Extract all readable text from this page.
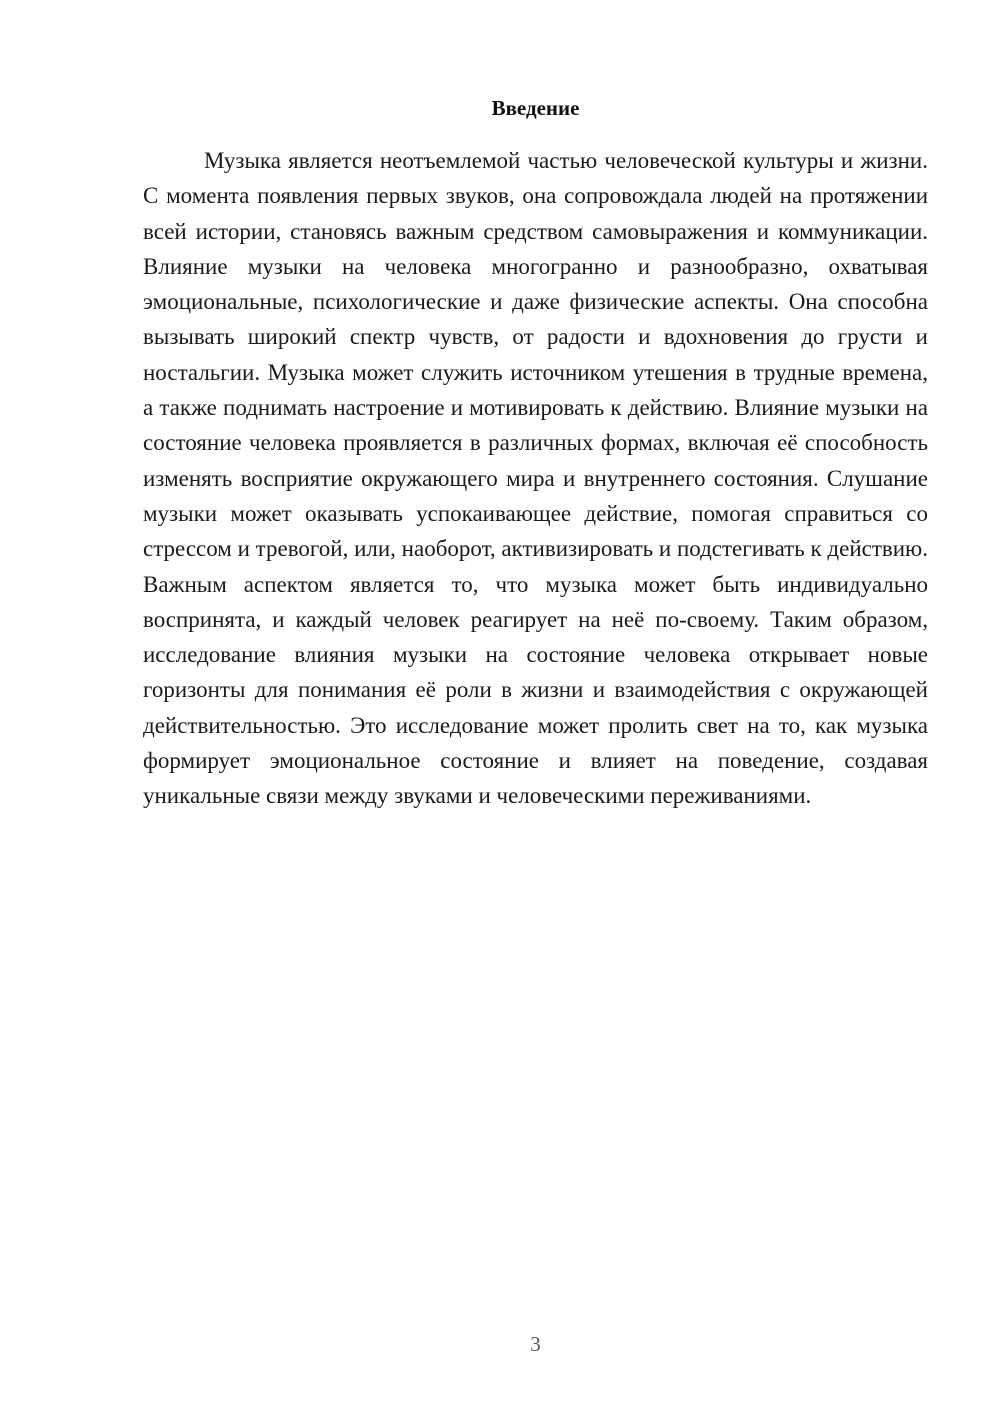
Введение

Музыка является неотъемлемой частью человеческой культуры и жизни. С момента появления первых звуков, она сопровождала людей на протяжении всей истории, становясь важным средством самовыражения и коммуникации. Влияние музыки на человека многогранно и разнообразно, охватывая эмоциональные, психологические и даже физические аспекты. Она способна вызывать широкий спектр чувств, от радости и вдохновения до грусти и ностальгии. Музыка может служить источником утешения в трудные времена, а также поднимать настроение и мотивировать к действию. Влияние музыки на состояние человека проявляется в различных формах, включая её способность изменять восприятие окружающего мира и внутреннего состояния. Слушание музыки может оказывать успокаивающее действие, помогая справиться со стрессом и тревогой, или, наоборот, активизировать и подстегивать к действию. Важным аспектом является то, что музыка может быть индивидуально воспринята, и каждый человек реагирует на неё по-своему. Таким образом, исследование влияния музыки на состояние человека открывает новые горизонты для понимания её роли в жизни и взаимодействия с окружающей действительностью. Это исследование может пролить свет на то, как музыка формирует эмоциональное состояние и влияет на поведение, создавая уникальные связи между звуками и человеческими переживаниями.

3
